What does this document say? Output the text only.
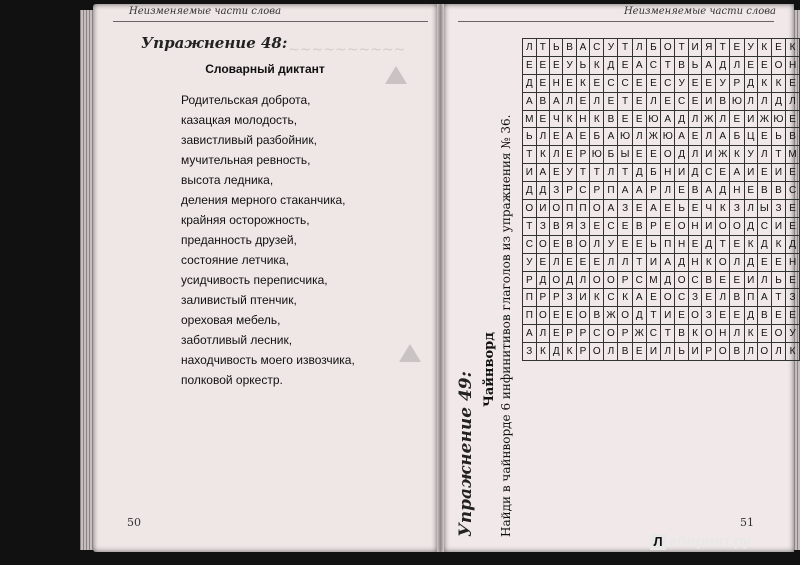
Неизменяемые части слова
~~~~~~~~~~
Упражнение 48:
Словарный диктант
Родительская доброта,
казацкая молодость,
завистливый разбойник,
мучительная ревность,
высота ледника,
деления мерного стаканчика,
крайняя осторожность,
преданность друзей,
состояние летчика,
усидчивость переписчика,
заливистый птенчик,
ореховая мебель,
заботливый лесник,
находчивость моего извозчика,
полковой оркестр.
50
Неизменяемые части слова
Упражнение 49:
Чайнворд Найди в чайнворде 6 инфинитивов глаголов из упражнения № 36.	51
Л	Т	Ь	В	А	С	У	Т	Л	Б	О	Т	И	Я	Т	Е	У	К	Е	К
Е	Е	Е	У	Ь	К	Д	Е	А	С	Т	В	Ь	А	Д	Л	Е	Е	О	Н
Д	Е	Н	Е	К	Е	С	С	Е	Е	С	У	Е	Е	У	Р	Д	К	К	Е
А	В	А	Л	Е	Л	Е	Т	Е	Л	Е	С	Е	И	В	Ю	Л	Л	Д	Л
М	Е	Ч	К	Н	К	В	Е	Е	Ю	А	Д	Л	Ж	Л	Е	И	Ж	Ю	Е
Ь	Л	Е	А	Е	Б	А	Ю	Л	Ж	Ю	А	Е	Л	А	Б	Ц	Е	Ь	В
Т	К	Л	Е	Р	Ю	Б	Ы	Е	Е	О	Д	Л	И	Ж	К	У	Л	Т	М
И	А	Е	У	Т	Т	Л	Т	Д	Б	Н	И	Д	С	Е	А	И	Е	И	Е
Д	Д	З	Р	С	Р	П	А	А	Р	Л	Е	В	А	Д	Н	Е	В	В	С
О	И	О	П	П	О	А	З	Е	А	Е	Ь	Е	Ч	К	З	Л	Ы	З	Е
Т	З	В	Я	З	Е	С	Е	В	Р	Е	О	Н	И	О	О	Д	С	И	Е
С	О	Е	В	О	Л	У	Е	Е	Ь	П	Н	Е	Д	Т	Е	К	Д	К	Д
У	Е	Л	Е	Е	Е	Л	Л	Т	И	А	Д	Н	К	О	Л	Д	Е	Е	Н
Р	Д	О	Д	Л	О	О	Р	С	М	Д	О	С	В	Е	Е	И	Л	Ь	Е
П	Р	Р	З	И	К	С	К	А	Е	О	С	З	Е	Л	В	П	А	Т	З
П	О	Е	Е	О	В	Ж	О	Д	Т	И	Е	О	З	Е	Е	Д	В	Е	Е
А	Л	Е	Р	Р	С	О	Р	Ж	С	Т	В	К	О	Н	Л	К	Е	О	У
З	К	Д	К	Р	О	Л	В	Е	И	Л	Ь	И	Р	О	В	Л	О	Л	К
Л абиринт.ру
